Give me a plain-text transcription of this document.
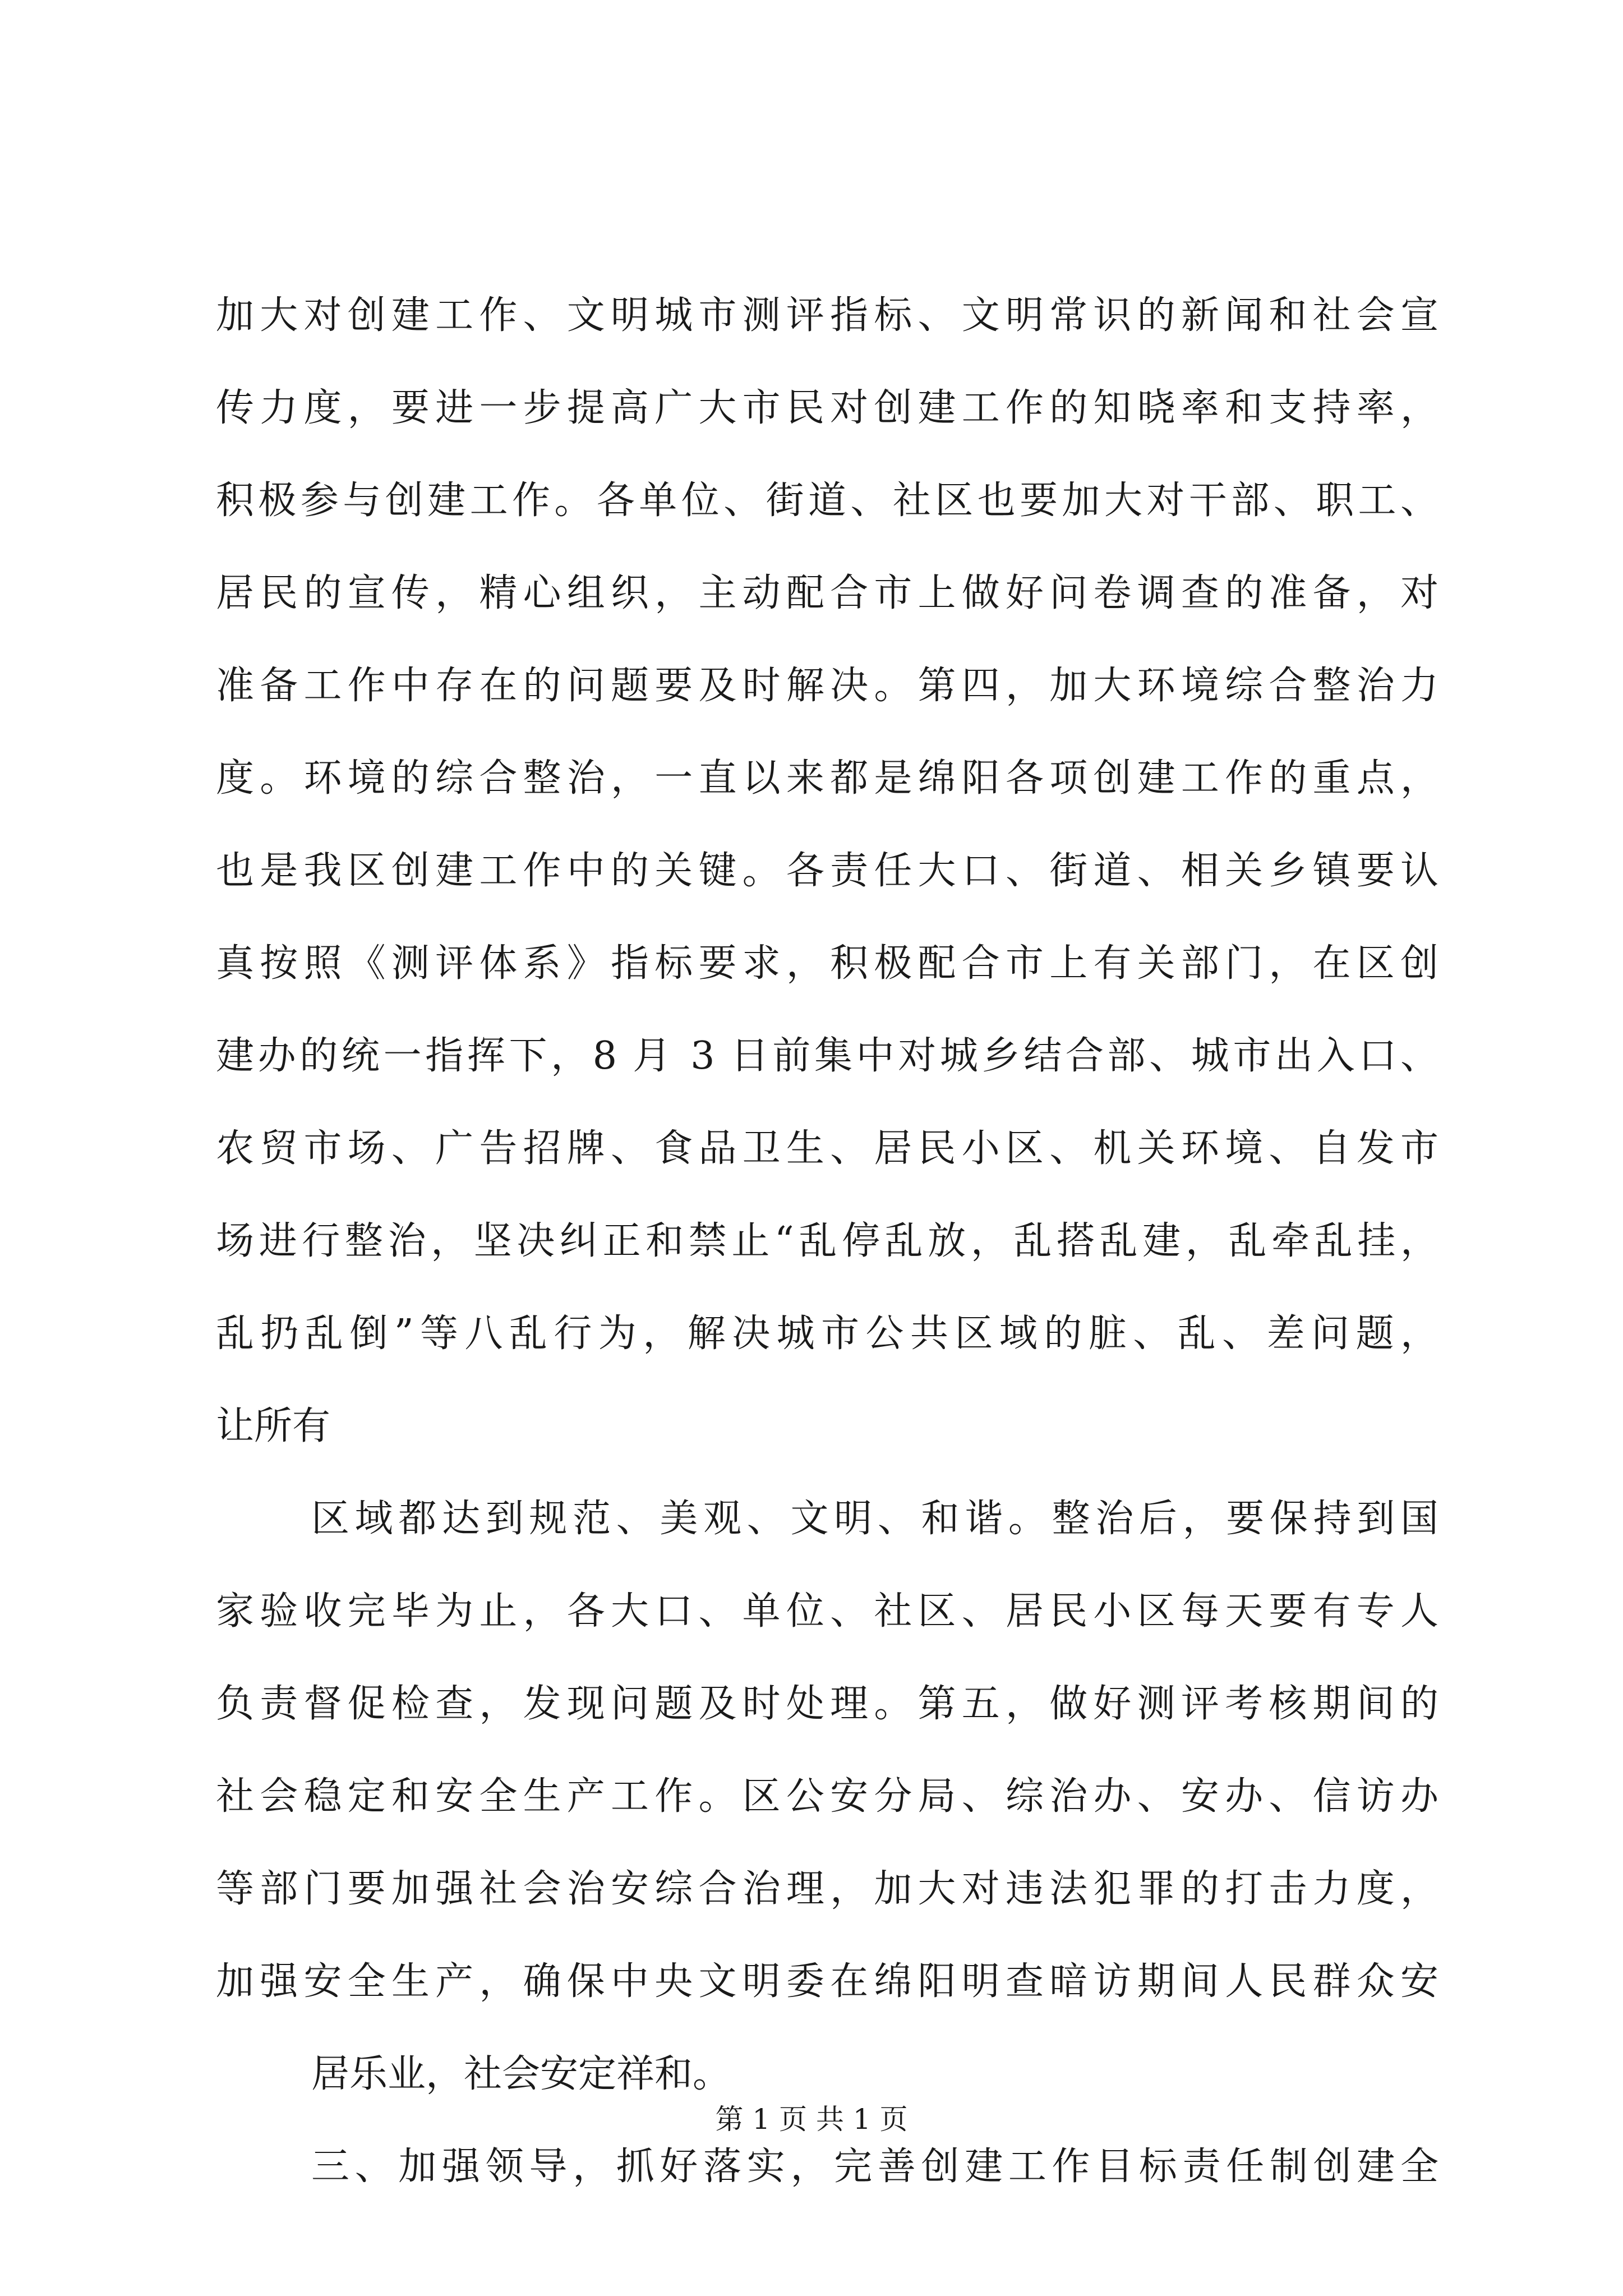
加大对创建工作、文明城市测评指标、文明常识的新闻和社会宣
传力度，要进一步提高广大市民对创建工作的知晓率和支持率，
积极参与创建工作。各单位、街道、社区也要加大对干部、职工、
居民的宣传，精心组织，主动配合市上做好问卷调查的准备，对
准备工作中存在的问题要及时解决。第四，加大环境综合整治力
度。环境的综合整治，一直以来都是绵阳各项创建工作的重点，
也是我区创建工作中的关键。各责任大口、街道、相关乡镇要认
真按照《测评体系》指标要求，积极配合市上有关部门，在区创
建办的统一指挥下，8 月 3 日前集中对城乡结合部、城市出入口、
农贸市场、广告招牌、食品卫生、居民小区、机关环境、自发市
场进行整治，坚决纠正和禁止“乱停乱放，乱搭乱建，乱牵乱挂，
乱扔乱倒”等八乱行为，解决城市公共区域的脏、乱、差问题，
让所有
区域都达到规范、美观、文明、和谐。整治后，要保持到国
家验收完毕为止，各大口、单位、社区、居民小区每天要有专人
负责督促检查，发现问题及时处理。第五，做好测评考核期间的
社会稳定和安全生产工作。区公安分局、综治办、安办、信访办
等部门要加强社会治安综合治理，加大对违法犯罪的打击力度，
加强安全生产，确保中央文明委在绵阳明查暗访期间人民群众安
居乐业，社会安定祥和。
三、加强领导，抓好落实，完善创建工作目标责任制创建全
第 1 页 共 1 页
